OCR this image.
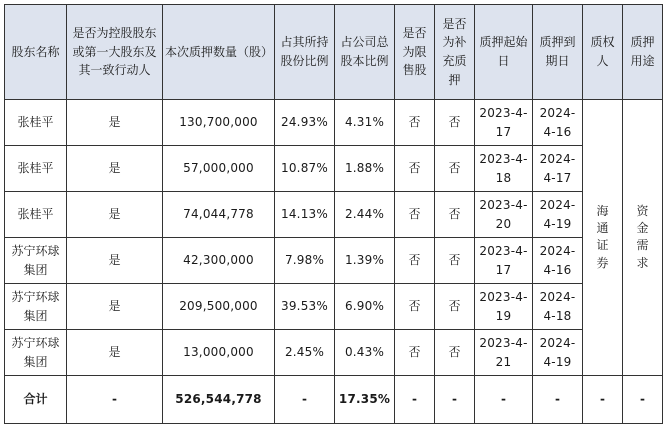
股东名称	是否为控股股东或第一大股东及其一致行动人	本次质押数量（股）	占其所持股份比例	占公司总股本比例	是否为限售股	是否为补充质押	质押起始日	质押到期日	质权人	质押用途
张桂平	是	130,700,000	24.93%	4.31%	否	否	2023-4-17	2024-4-16	海通证券	资金需求
张桂平	是	57,000,000	10.87%	1.88%	否	否	2023-4-18	2024-4-17		
张桂平	是	74,044,778	14.13%	2.44%	否	否	2023-4-20	2024-4-19		
苏宁环球集团	是	42,300,000	7.98%	1.39%	否	否	2023-4-17	2024-4-16		
苏宁环球集团	是	209,500,000	39.53%	6.90%	否	否	2023-4-19	2024-4-18		
苏宁环球集团	是	13,000,000	2.45%	0.43%	否	否	2023-4-21	2024-4-19		
合计	-	526,544,778	-	17.35%	-	-	-	-	-	-
